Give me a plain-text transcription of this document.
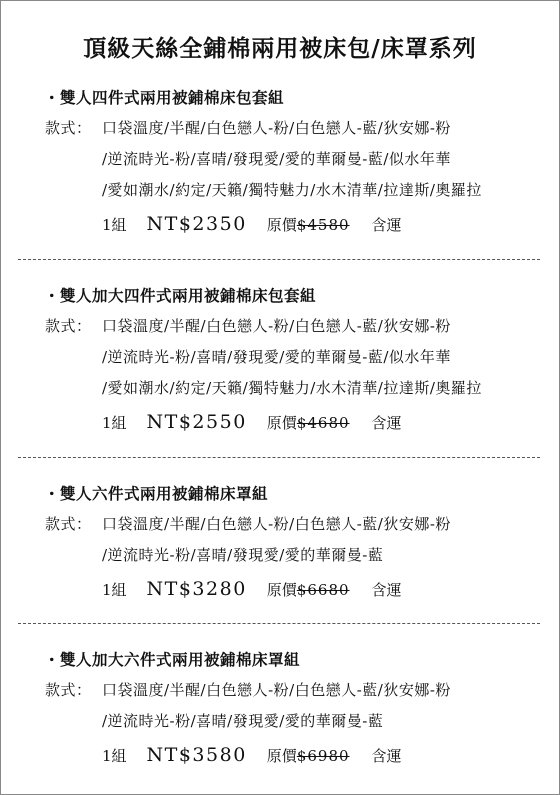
頂級天絲全鋪棉兩用被床包/床罩系列
・雙人四件式兩用被鋪棉床包套組
款式： 口袋溫度/半醒/白色戀人-粉/白色戀人-藍/狄安娜-粉
/逆流時光-粉/喜晴/發現愛/愛的華爾曼-藍/似水年華
/愛如潮水/約定/天籟/獨特魅力/水木清華/拉達斯/奧羅拉
1組 NT$2350 原價 $4580 含運
・雙人加大四件式兩用被鋪棉床包套組
款式： 口袋溫度/半醒/白色戀人-粉/白色戀人-藍/狄安娜-粉
/逆流時光-粉/喜晴/發現愛/愛的華爾曼-藍/似水年華
/愛如潮水/約定/天籟/獨特魅力/水木清華/拉達斯/奧羅拉
1組 NT$2550 原價 $4680 含運
・雙人六件式兩用被鋪棉床罩組
款式： 口袋溫度/半醒/白色戀人-粉/白色戀人-藍/狄安娜-粉
/逆流時光-粉/喜晴/發現愛/愛的華爾曼-藍
1組 NT$3280 原價 $6680 含運
・雙人加大六件式兩用被鋪棉床罩組
款式： 口袋溫度/半醒/白色戀人-粉/白色戀人-藍/狄安娜-粉
/逆流時光-粉/喜晴/發現愛/愛的華爾曼-藍
1組 NT$3580 原價 $6980 含運
